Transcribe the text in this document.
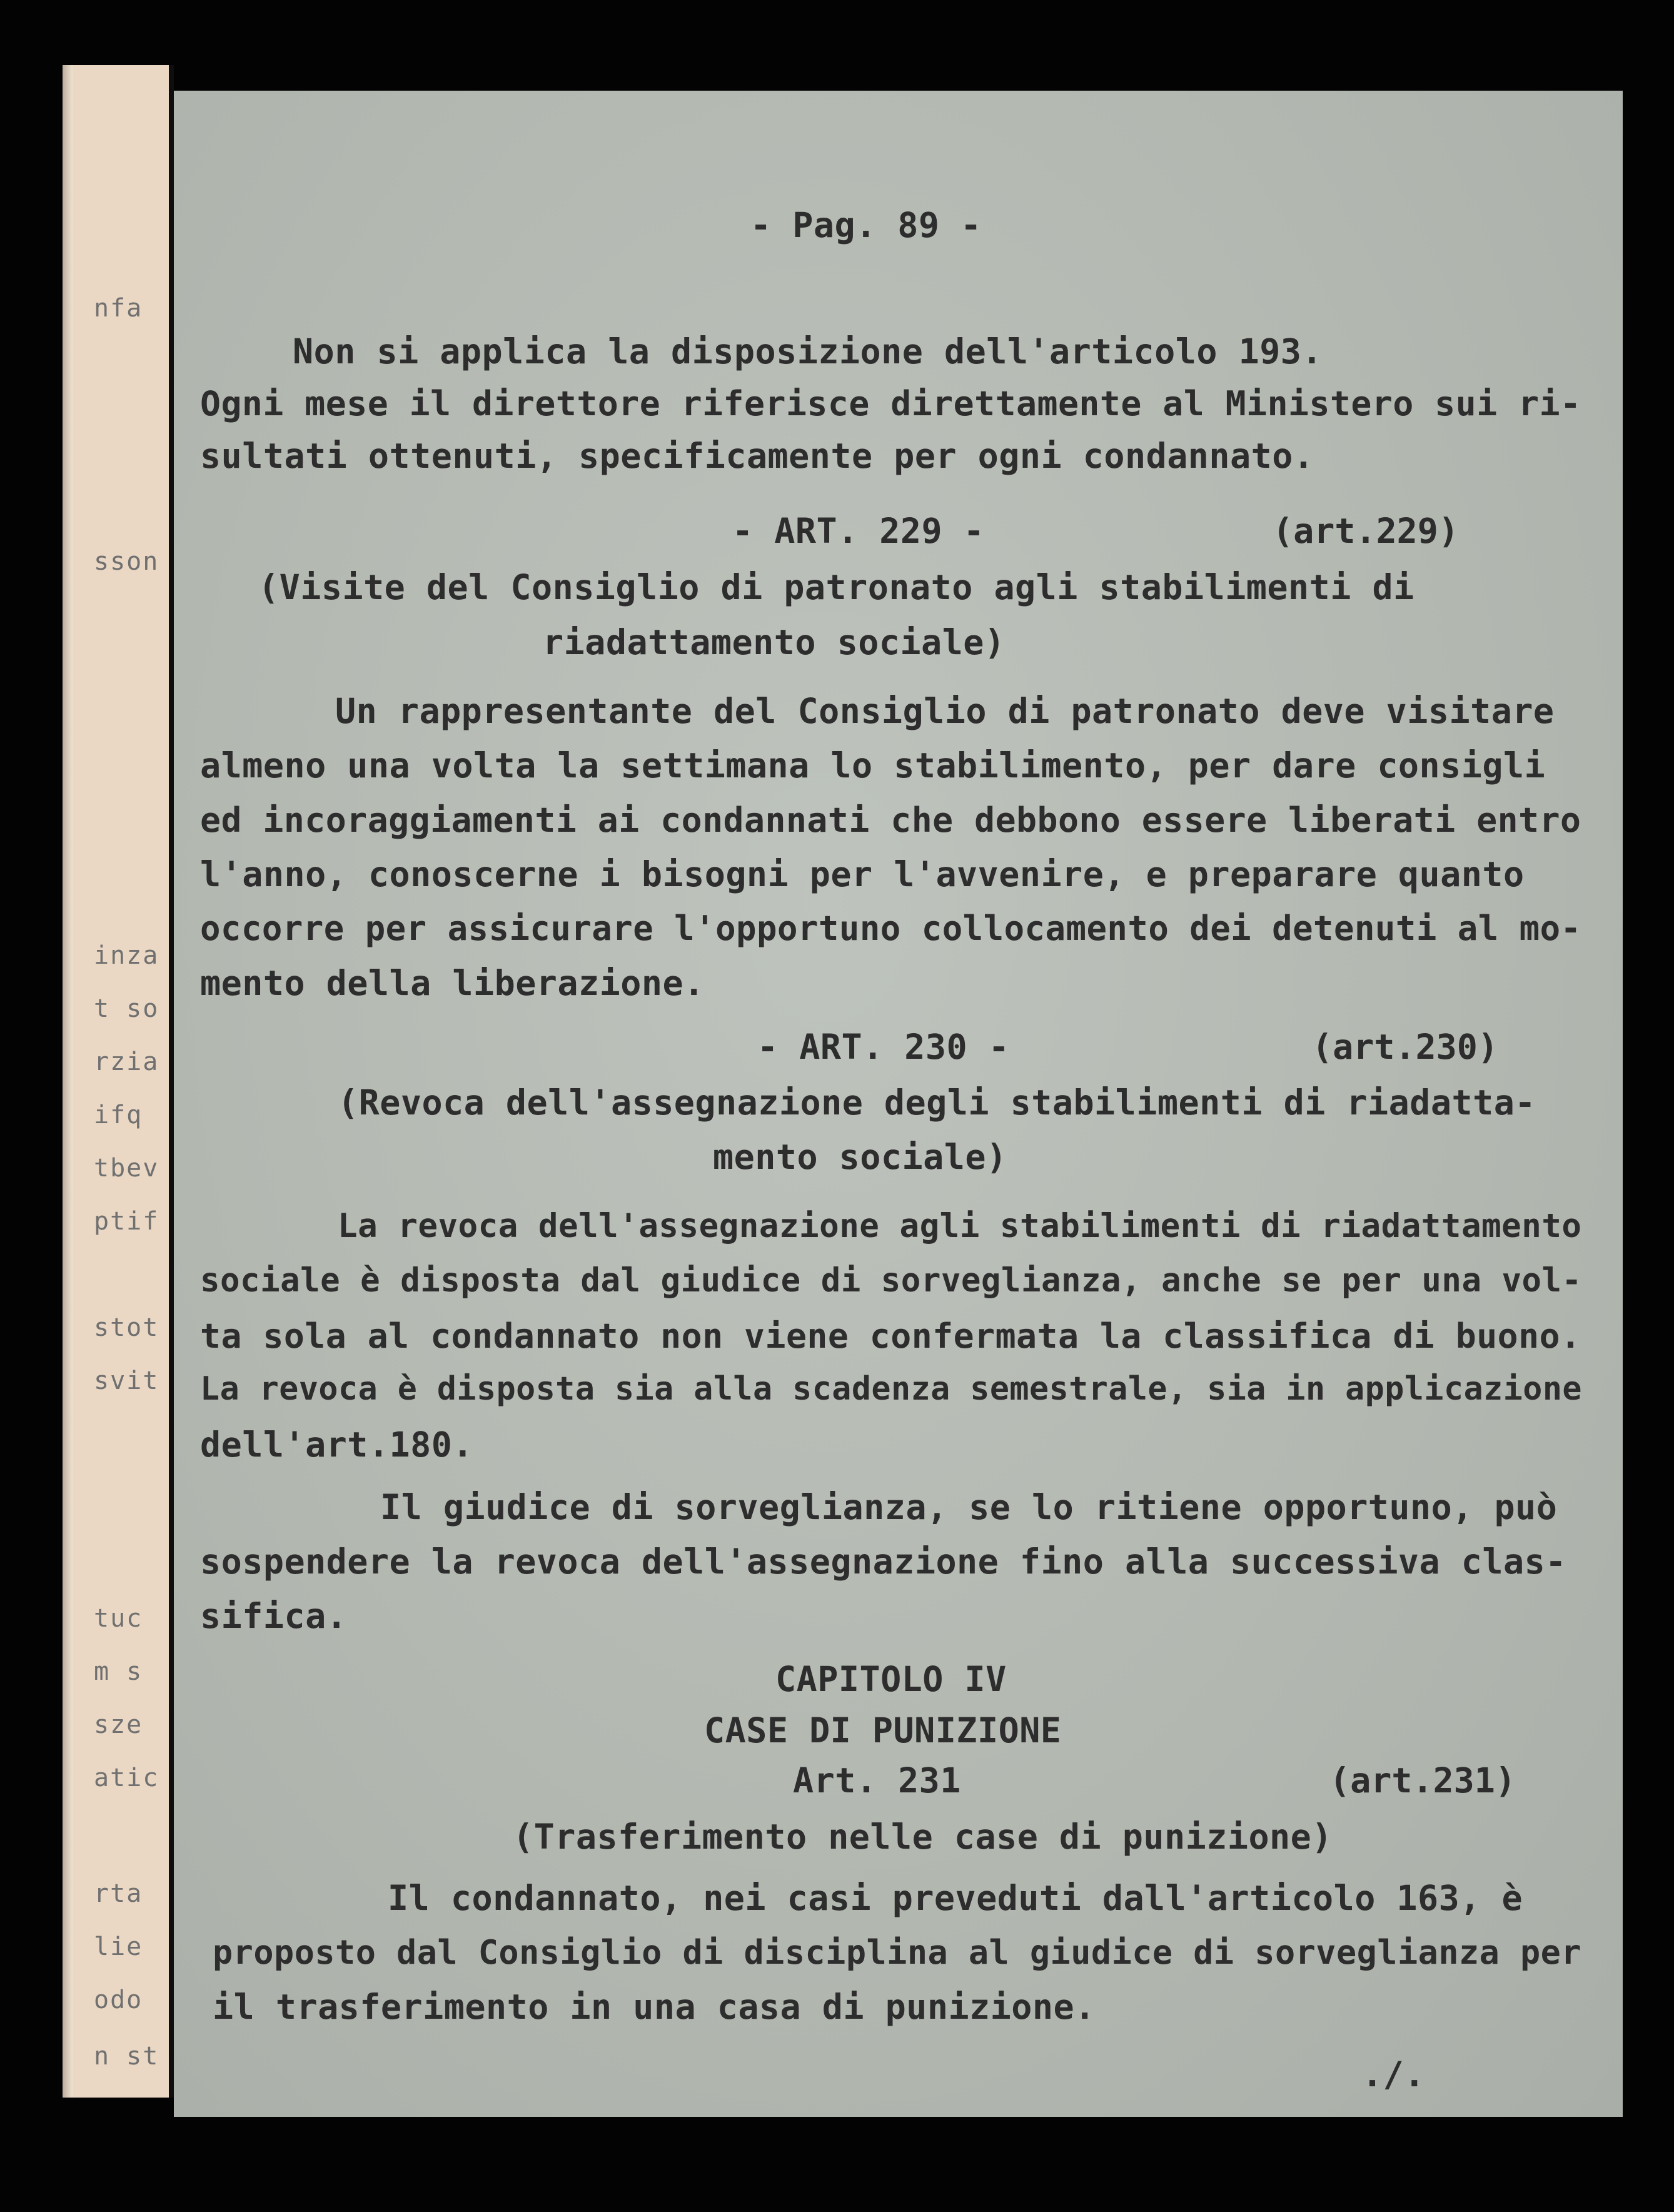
nfa
sson
inza
t so
rzia
ifq
tbev
ptif
stot
svit
tuc
m s
sze
atic
rta
lie
odo
n st
- Pag. 89 -
Non si applica la disposizione dell'articolo 193.
Ogni mese il direttore riferisce direttamente al Ministero sui ri-
sultati ottenuti, specificamente per ogni condannato.
- ART. 229 -	(art.229)
(Visite del Consiglio di patronato agli stabilimenti di
riadattamento sociale)
Un rappresentante del Consiglio di patronato deve visitare
almeno una volta la settimana lo stabilimento, per dare consigli
ed incoraggiamenti ai condannati che debbono essere liberati entro
l'anno, conoscerne i bisogni per l'avvenire, e preparare quanto
occorre per assicurare l'opportuno collocamento dei detenuti al mo-
mento della liberazione.
- ART. 230 -	(art.230)
(Revoca dell'assegnazione degli stabilimenti di riadatta-
mento sociale)
La revoca dell'assegnazione agli stabilimenti di riadattamento
sociale è disposta dal giudice di sorveglianza, anche se per una vol-
ta sola al condannato non viene confermata la classifica di buono.
La revoca è disposta sia alla scadenza semestrale, sia in applicazione
dell'art.180.
Il giudice di sorveglianza, se lo ritiene opportuno, può
sospendere la revoca dell'assegnazione fino alla successiva clas-
sifica.
CAPITOLO IV
CASE DI PUNIZIONE
Art. 231	(art.231)
(Trasferimento nelle case di punizione)
Il condannato, nei casi preveduti dall'articolo 163, è
proposto dal Consiglio di disciplina al giudice di sorveglianza per
il trasferimento in una casa di punizione.
./.
